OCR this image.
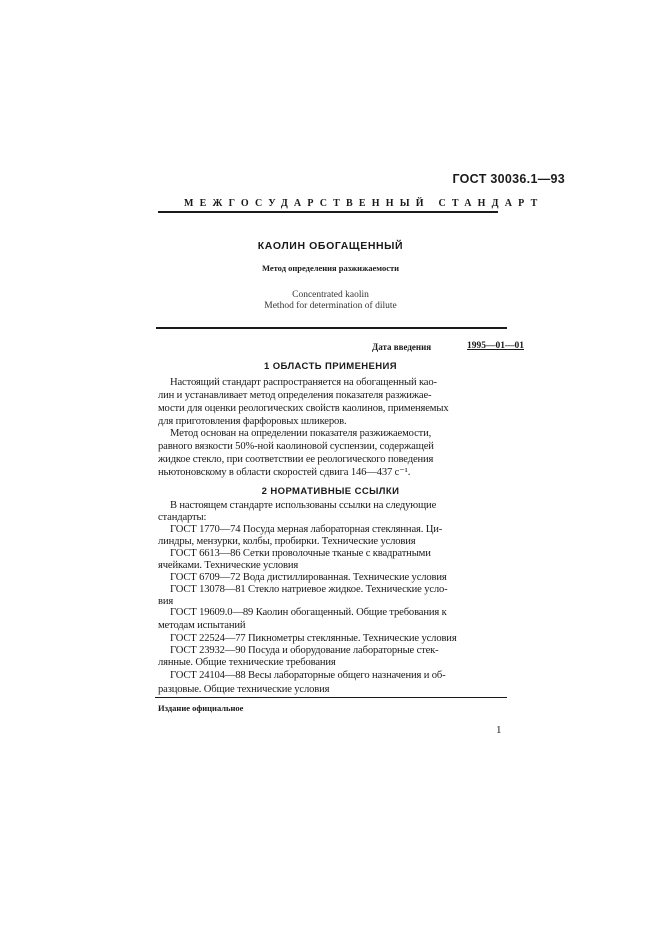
ГОСТ 30036.1—93
МЕЖГОСУДАРСТВЕННЫЙ СТАНДАРТ
КАОЛИН ОБОГАЩЕННЫЙ
Метод определения разжижаемости
Concentrated kaolin
Method for determination of dilute
Дата введения	1995—01—01
1 ОБЛАСТЬ ПРИМЕНЕНИЯ
Настоящий стандарт распространяется на обогащенный као-
лин и устанавливает метод определения показателя разжижае-
мости для оценки реологических свойств каолинов, применяемых
для приготовления фарфоровых шликеров.
Метод основан на определении показателя разжижаемости,
равного вязкости 50%-ной каолиновой суспензии, содержащей
жидкое стекло, при соответствии ее реологического поведения
ньютоновскому в области скоростей сдвига 146—437 с⁻¹.
2 НОРМАТИВНЫЕ ССЫЛКИ
В настоящем стандарте использованы ссылки на следующие
стандарты:
ГОСТ 1770—74 Посуда мерная лабораторная стеклянная. Ци-
линдры, мензурки, колбы, пробирки. Технические условия
ГОСТ 6613—86 Сетки проволочные тканые с квадратными
ячейками. Технические условия
ГОСТ 6709—72 Вода дистиллированная. Технические условия
ГОСТ 13078—81 Стекло натриевое жидкое. Технические усло-
вия
ГОСТ 19609.0—89 Каолин обогащенный. Общие требования к
методам испытаний
ГОСТ 22524—77 Пикнометры стеклянные. Технические условия
ГОСТ 23932—90 Посуда и оборудование лабораторные стек-
лянные. Общие технические требования
ГОСТ 24104—88 Весы лабораторные общего назначения и об-
Издание официальное
1
разцовые. Общие технические условия
